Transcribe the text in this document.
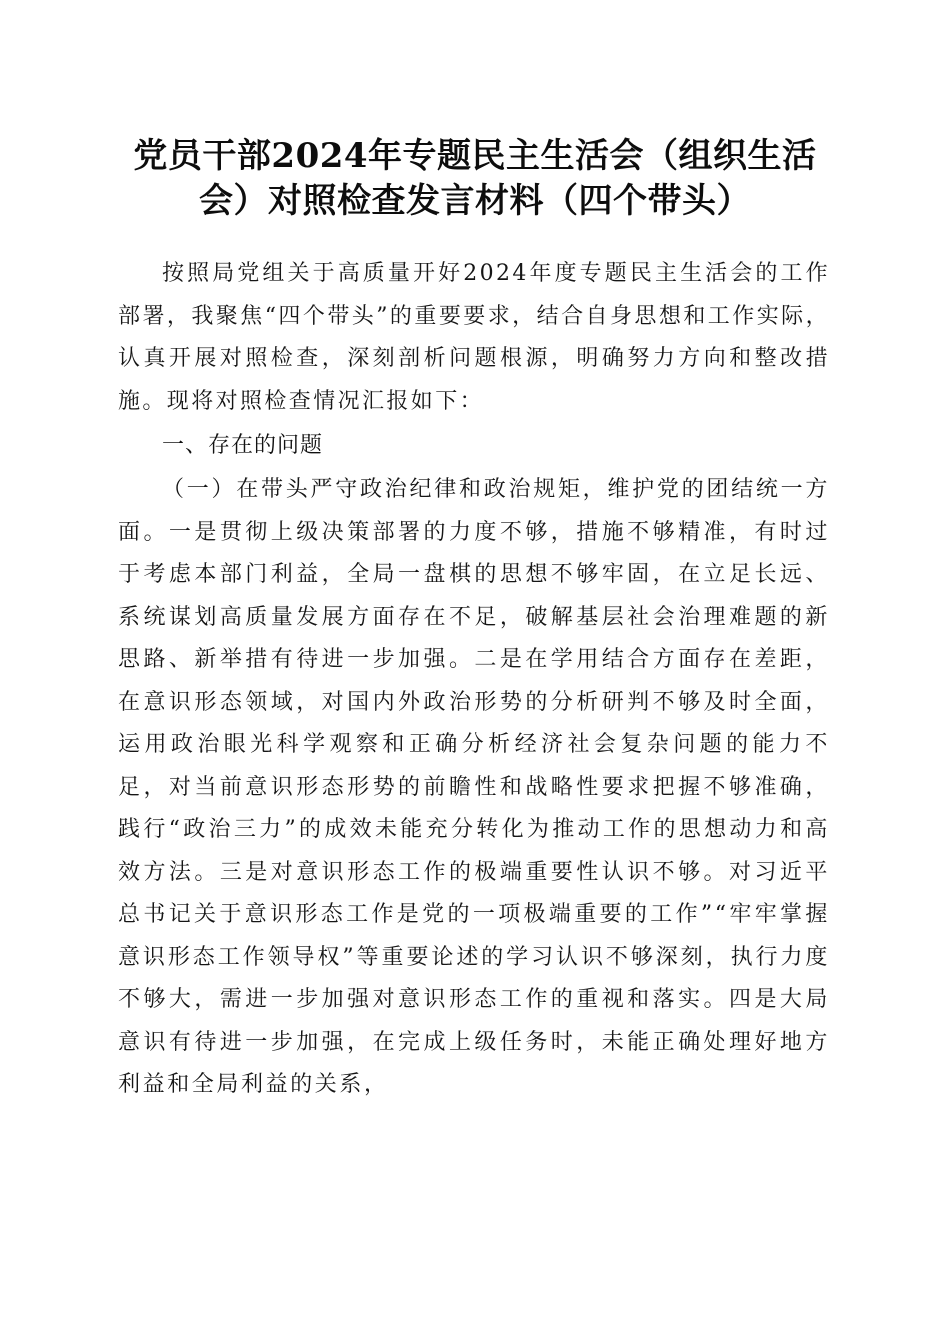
党员干部2024年专题民主生活会（组织生活
会）对照检查发言材料（四个带头）

按照局党组关于高质量开好2024年度专题民主生活会的工作部署，我聚焦“四个带头”的重要要求，结合自身思想和工作实际，认真开展对照检查，深刻剖析问题根源，明确努力方向和整改措施。现将对照检查情况汇报如下：

一、存在的问题

（一）在带头严守政治纪律和政治规矩，维护党的团结统一方面。一是贯彻上级决策部署的力度不够，措施不够精准，有时过于考虑本部门利益，全局一盘棋的思想不够牢固，在立足长远、系统谋划高质量发展方面存在不足，破解基层社会治理难题的新思路、新举措有待进一步加强。二是在学用结合方面存在差距，在意识形态领域，对国内外政治形势的分析研判不够及时全面，运用政治眼光科学观察和正确分析经济社会复杂问题的能力不足，对当前意识形态形势的前瞻性和战略性要求把握不够准确，践行“政治三力”的成效未能充分转化为推动工作的思想动力和高效方法。三是对意识形态工作的极端重要性认识不够。对习近平总书记关于意识形态工作是党的一项极端重要的工作”“牢牢掌握意识形态工作领导权”等重要论述的学习认识不够深刻，执行力度不够大，需进一步加强对意识形态工作的重视和落实。四是大局意识有待进一步加强，在完成上级任务时，未能正确处理好地方利益和全局利益的关系，
